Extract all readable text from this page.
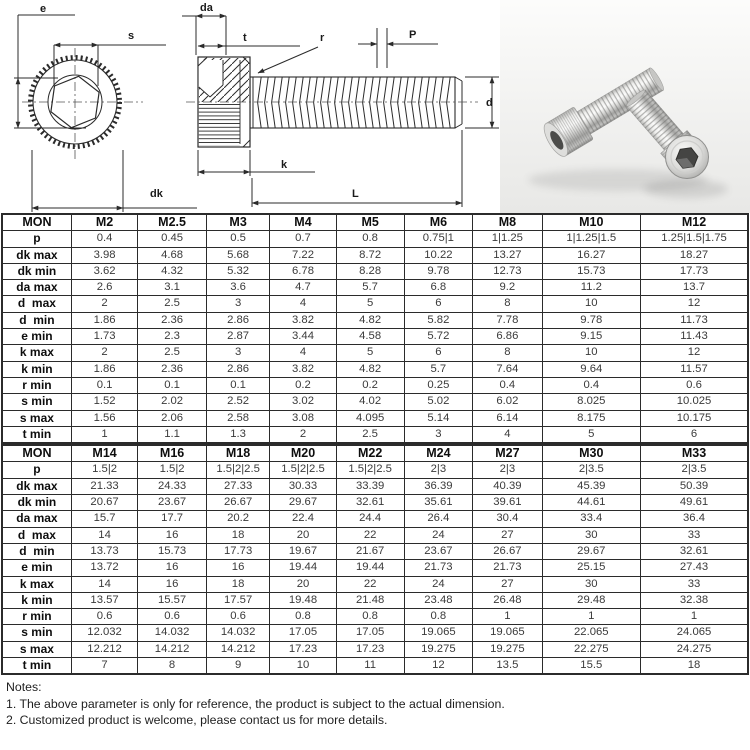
e
s
dk
da
t	r	P
d
k
L
MON	M2	M2.5	M3	M4	M5	M6	M8	M10	M12
p	0.4	0.45	0.5	0.7	0.8	0.75|1	1|1.25	1|1.25|1.5	1.25|1.5|1.75
dk max	3.98	4.68	5.68	7.22	8.72	10.22	13.27	16.27	18.27
dk min	3.62	4.32	5.32	6.78	8.28	9.78	12.73	15.73	17.73
da max	2.6	3.1	3.6	4.7	5.7	6.8	9.2	11.2	13.7
d  max	2	2.5	3	4	5	6	8	10	12
d  min	1.86	2.36	2.86	3.82	4.82	5.82	7.78	9.78	11.73
e min	1.73	2.3	2.87	3.44	4.58	5.72	6.86	9.15	11.43
k max	2	2.5	3	4	5	6	8	10	12
k min	1.86	2.36	2.86	3.82	4.82	5.7	7.64	9.64	11.57
r min	0.1	0.1	0.1	0.2	0.2	0.25	0.4	0.4	0.6
s min	1.52	2.02	2.52	3.02	4.02	5.02	6.02	8.025	10.025
s max	1.56	2.06	2.58	3.08	4.095	5.14	6.14	8.175	10.175
t min	1	1.1	1.3	2	2.5	3	4	5	6
MON	M14	M16	M18	M20	M22	M24	M27	M30	M33
p	1.5|2	1.5|2	1.5|2|2.5	1.5|2|2.5	1.5|2|2.5	2|3	2|3	2|3.5	2|3.5
dk max	21.33	24.33	27.33	30.33	33.39	36.39	40.39	45.39	50.39
dk min	20.67	23.67	26.67	29.67	32.61	35.61	39.61	44.61	49.61
da max	15.7	17.7	20.2	22.4	24.4	26.4	30.4	33.4	36.4
d  max	14	16	18	20	22	24	27	30	33
d  min	13.73	15.73	17.73	19.67	21.67	23.67	26.67	29.67	32.61
e min	13.72	16	16	19.44	19.44	21.73	21.73	25.15	27.43
k max	14	16	18	20	22	24	27	30	33
k min	13.57	15.57	17.57	19.48	21.48	23.48	26.48	29.48	32.38
r min	0.6	0.6	0.6	0.8	0.8	0.8	1	1	1
s min	12.032	14.032	14.032	17.05	17.05	19.065	19.065	22.065	24.065
s max	12.212	14.212	14.212	17.23	17.23	19.275	19.275	22.275	24.275
t min	7	8	9	10	11	12	13.5	15.5	18
Notes:
1. The above parameter is only for reference, the product is subject to the actual dimension.
2. Customized product is welcome, please contact us for more details.
